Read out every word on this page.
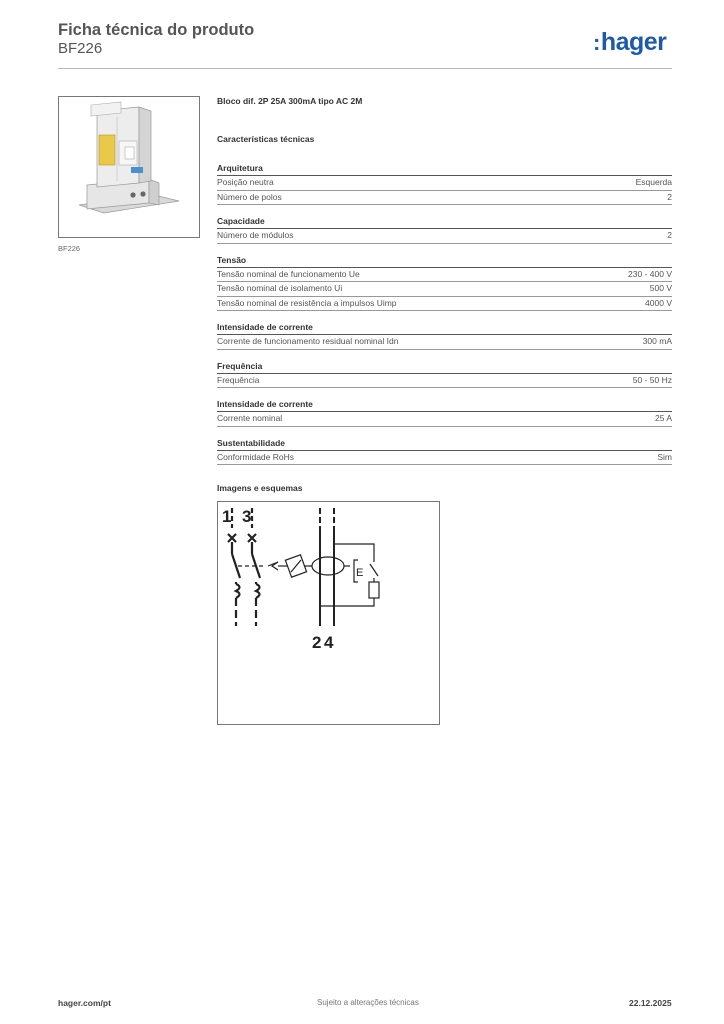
Ficha técnica do produto
BF226	:hager
BF226
Bloco dif. 2P 25A 300mA tipo AC 2M
Características técnicas
Arquitetura
Posição neutra	Esquerda
Número de polos	2
Capacidade
Número de módulos	2
Tensão
Tensão nominal de funcionamento Ue	230 - 400 V
Tensão nominal de isolamento Ui	500 V
Tensão nominal de resistência a impulsos Uimp	4000 V
Intensidade de corrente
Corrente de funcionamento residual nominal Idn	300 mA
Frequência
Frequência	50 - 50 Hz
Intensidade de corrente
Corrente nominal	25 A
Sustentabilidade
Conformidade RoHs	Sim
Imagens e esquemas
1 3
2 4
E
hager.com/pt	Sujeito a alterações técnicas	22.12.2025
